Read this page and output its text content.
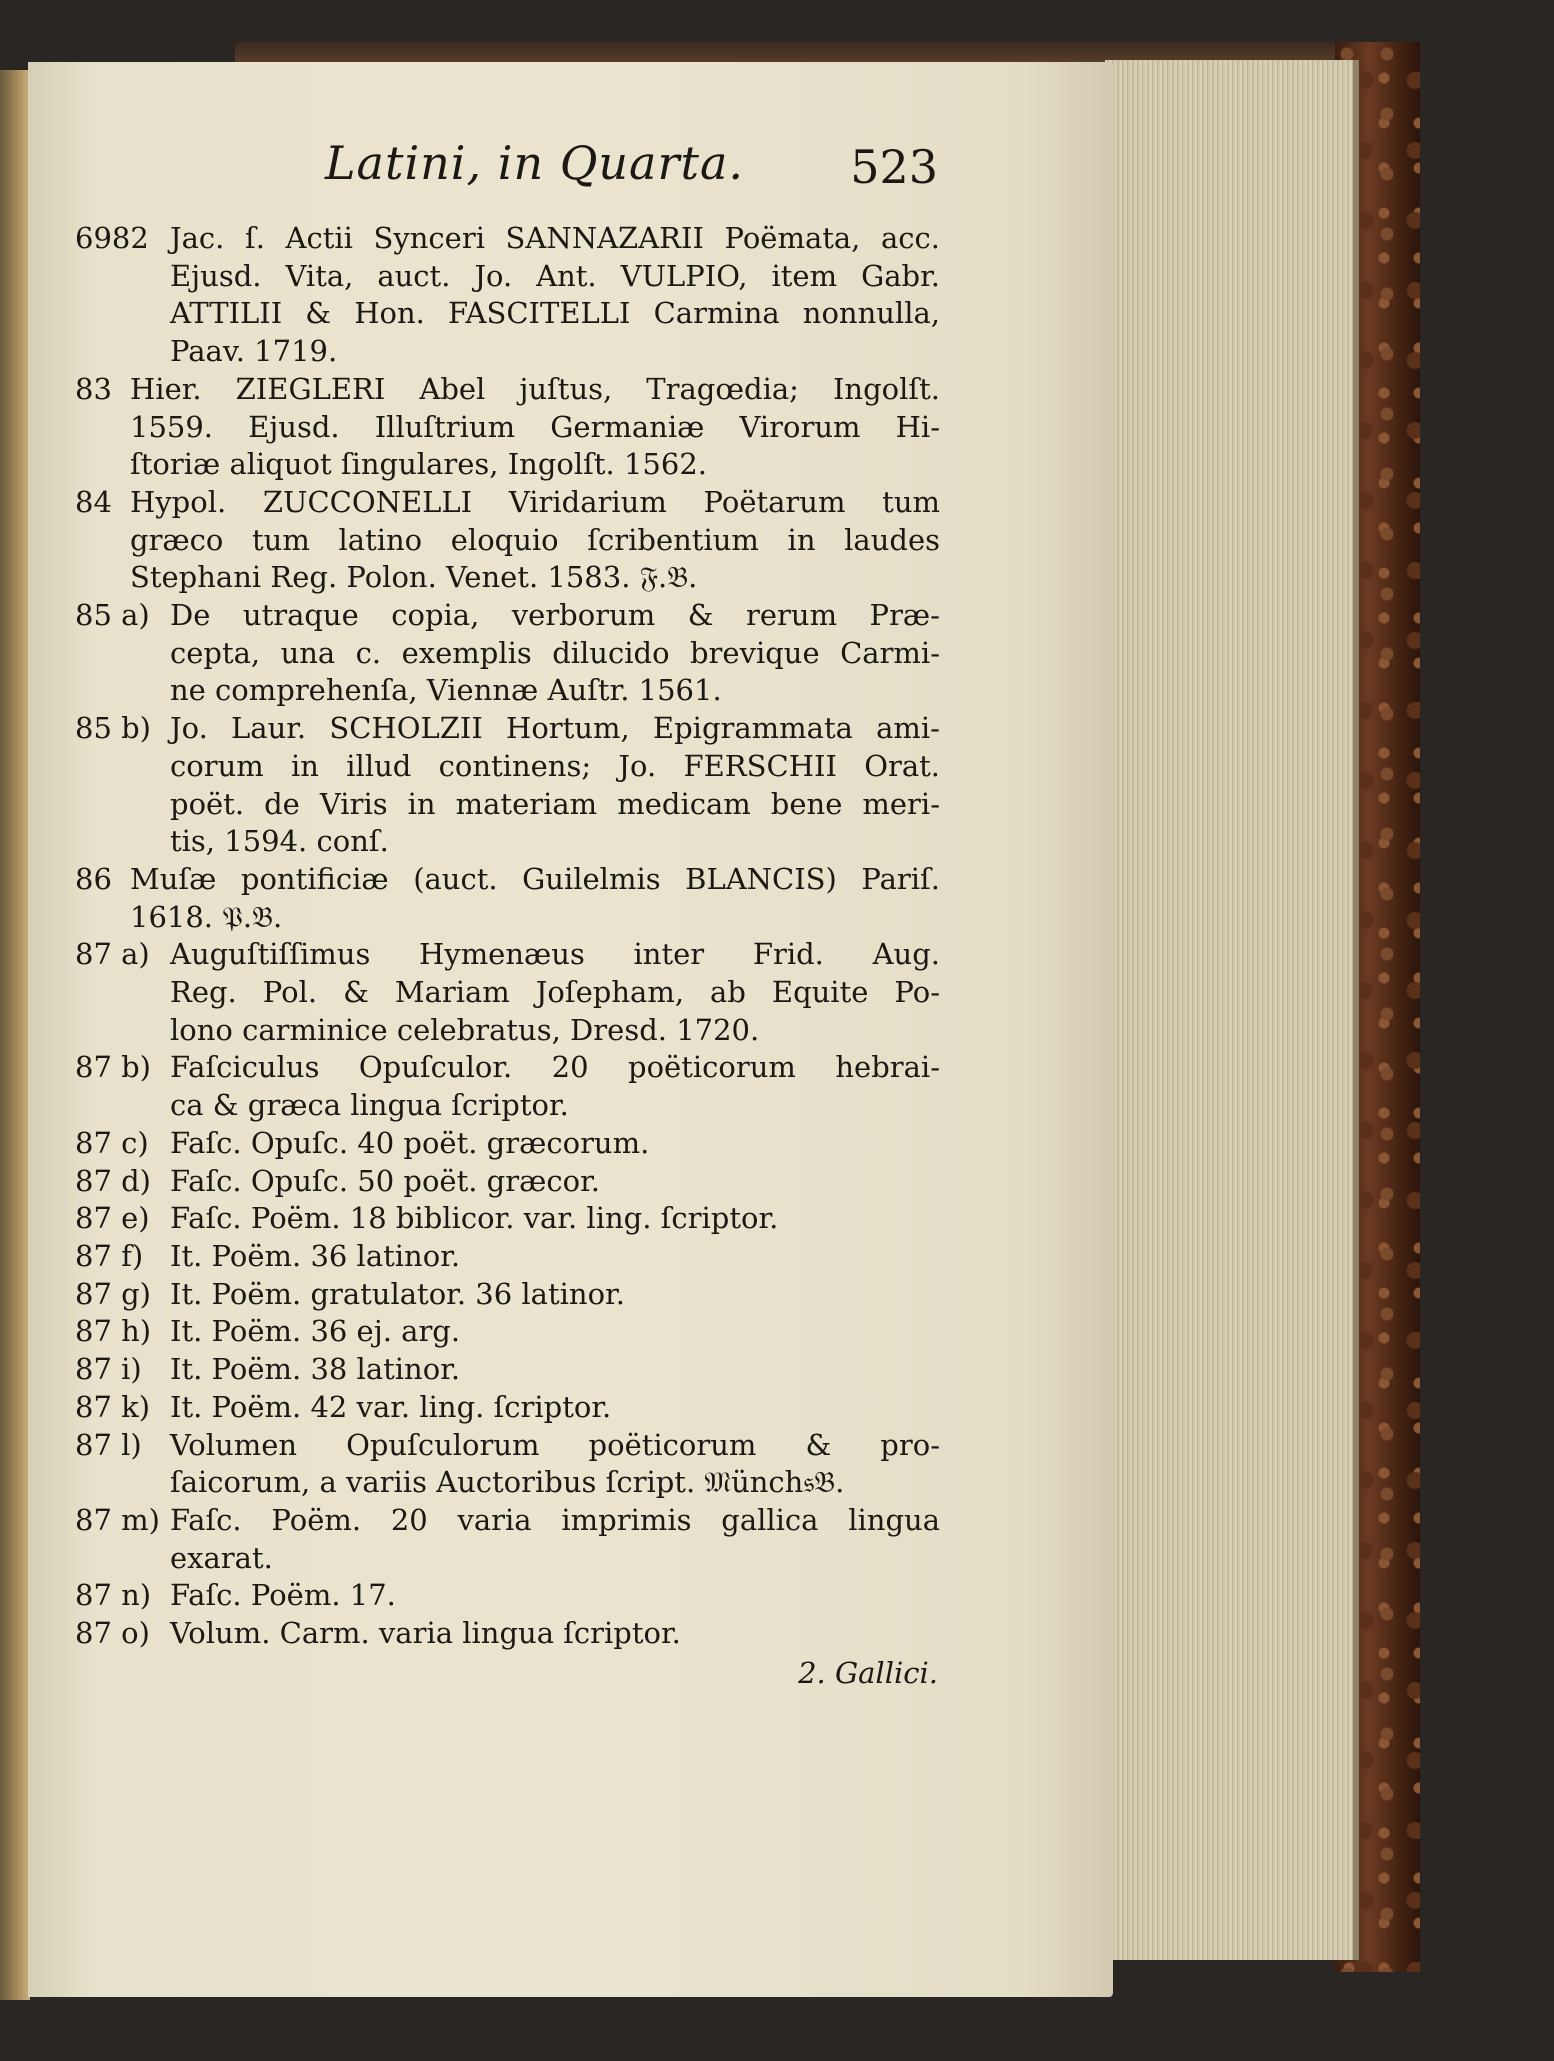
Latini, in Quarta. 523
6982 Jac. ſ. Actii Synceri SANNAZARII Poëmata, acc.
Ejusd. Vita, auct. Jo. Ant. VULPIO, item Gabr.
ATTILII & Hon. FASCITELLI Carmina nonnulla,
Paav. 1719.
83 Hier. ZIEGLERI Abel juſtus, Tragœdia; Ingolſt.
1559. Ejusd. Illuſtrium Germaniæ Virorum Hi-
ſtoriæ aliquot ſingulares, Ingolſt. 1562.
84 Hypol. ZUCCONELLI Viridarium Poëtarum tum
græco tum latino eloquio ſcribentium in laudes
Stephani Reg. Polon. Venet. 1583. 𝔉.𝔅.
85 a) De utraque copia, verborum & rerum Præ-
cepta, una c. exemplis dilucido brevique Carmi-
ne comprehenſa, Viennæ Auſtr. 1561.
85 b) Jo. Laur. SCHOLZII Hortum, Epigrammata ami-
corum in illud continens; Jo. FERSCHII Orat.
poët. de Viris in materiam medicam bene meri-
tis, 1594. conſ.
86 Muſæ pontificiæ (auct. Guilelmis BLANCIS) Pariſ.
1618. 𝔓.𝔅.
87 a) Auguſtiſſimus Hymenæus inter Frid. Aug.
Reg. Pol. & Mariam Joſepham, ab Equite Po-
lono carminice celebratus, Dresd. 1720.
87 b) Faſciculus Opuſculor. 20 poëticorum hebrai-
ca & græca lingua ſcriptor.
87 c) Faſc. Opuſc. 40 poët. græcorum.
87 d) Faſc. Opuſc. 50 poët. græcor.
87 e) Faſc. Poëm. 18 biblicor. var. ling. ſcriptor.
87 f) It. Poëm. 36 latinor.
87 g) It. Poëm. gratulator. 36 latinor.
87 h) It. Poëm. 36 ej. arg.
87 i) It. Poëm. 38 latinor.
87 k) It. Poëm. 42 var. ling. ſcriptor.
87 l) Volumen Opuſculorum poëticorum & pro-
ſaicorum, a variis Auctoribus ſcript. 𝔐ünch𝔰𝔅.
87 m) Faſc. Poëm. 20 varia imprimis gallica lingua
exarat.
87 n) Faſc. Poëm. 17.
87 o) Volum. Carm. varia lingua ſcriptor.
2. Gallici.
